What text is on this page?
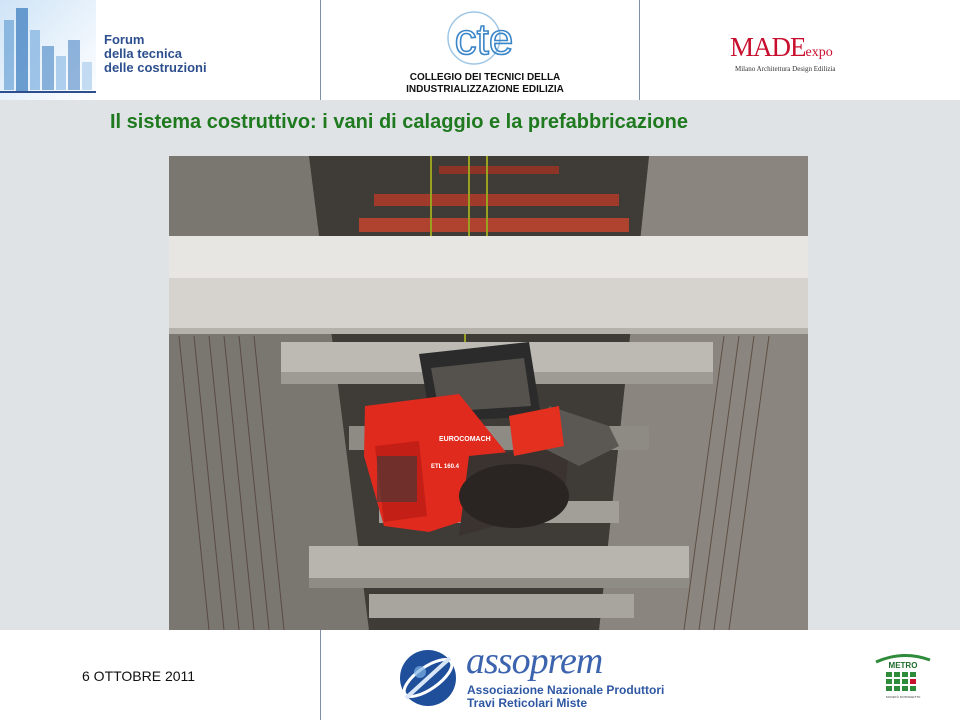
Forum
della tecnica
delle costruzioni
cte
COLLEGIO DEI TECNICI DELLA
INDUSTRIALIZZAZIONE EDILIZIA
MADEexpo
Milano Architettura Design Edilizia
Il sistema costruttivo: i vani di calaggio e la prefabbricazione
EUROCOMACH
ETL 160.4
6 OTTOBRE 2011	assoprem
Associazione Nazionale Produttori
Travi Reticolari Miste
METRO
SOCIETÀ DI PROGETTO
